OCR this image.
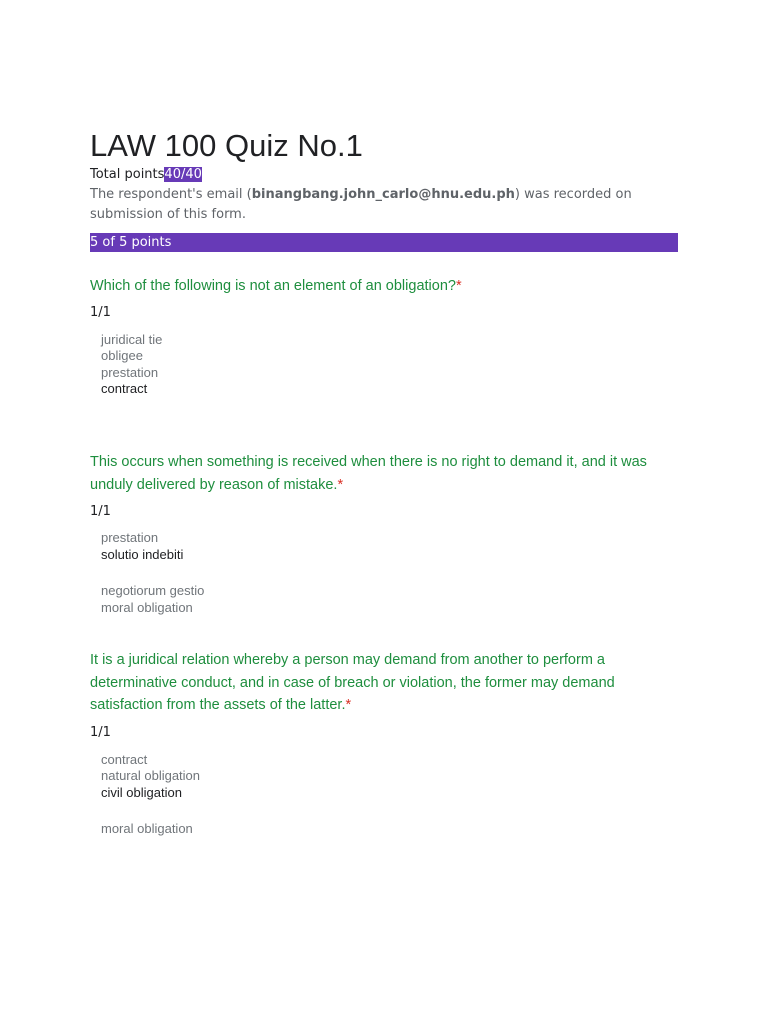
LAW 100 Quiz No.1
Total points40/40
The respondent's email (binangbang.john_carlo@hnu.edu.ph) was recorded on submission of this form.
5 of 5 points
Which of the following is not an element of an obligation?*
1/1
juridical tie
obligee
prestation
contract
This occurs when something is received when there is no right to demand it, and it was unduly delivered by reason of mistake.*
1/1
prestation
solutio indebiti
negotiorum gestio
moral obligation
It is a juridical relation whereby a person may demand from another to perform a determinative conduct, and in case of breach or violation, the former may demand satisfaction from the assets of the latter.*
1/1
contract
natural obligation
civil obligation
moral obligation
